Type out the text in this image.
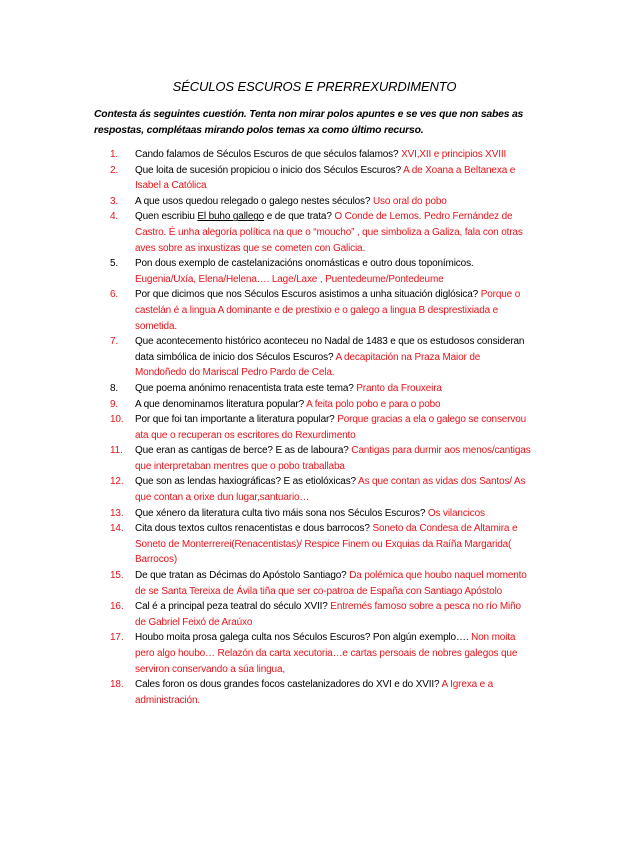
SÉCULOS ESCUROS E PRERREXURDIMENTO
Contesta ás seguintes cuestión. Tenta non mirar polos apuntes e se ves que non sabes as respostas, complétaas mirando polos temas xa como último recurso.
1.	Cando falamos de Séculos Escuros de que séculos falamos? XVI,XII e principios XVIII
2.	Que loita de sucesión propiciou o inicio dos Séculos Escuros? A de Xoana a Beltanexa e Isabel a Católica
3.	A que usos quedou relegado o galego nestes séculos? Uso oral do pobo
4.	Quen escribiu El buho gallego e de que trata? O Conde de Lemos. Pedro Fernández de Castro. É unha alegoría política na que o “moucho” , que simboliza a Galiza, fala con otras aves sobre as inxustizas que se cometen con Galicia.
5.	Pon dous exemplo de castelanizacións onomásticas e outro dous toponímicos. Eugenia/Uxía, Elena/Helena…. Lage/Laxe , Puentedeume/Pontedeume
6.	Por que dicimos que nos Séculos Escuros asistimos a unha situación diglósica? Porque o castelán é a lingua A dominante e de prestixio e o galego a lingua B desprestixiada e sometida.
7.	Que acontecemento histórico aconteceu no Nadal de 1483 e que os estudosos consideran data simbólica de inicio dos Séculos Escuros? A decapitación na Praza Maior de Mondoñedo do Mariscal Pedro Pardo de Cela.
8.	Que poema anónimo renacentista trata este tema? Pranto da Frouxeira
9.	A que denominamos literatura popular? A feita polo pobo e para o pobo
10.	Por que foi tan importante a literatura popular? Porque gracias a ela o galego se conservou ata que o recuperan os escritores do Rexurdimento
11.	Que eran as cantigas de berce? E as de laboura? Cantigas para durmir aos menos/cantigas que interpretaban mentres que o pobo traballaba
12.	Que son as lendas haxiográficas? E as etiolóxicas? As que contan as vidas dos Santos/ As que contan a orixe dun lugar,santuario…
13.	Que xénero da literatura culta tivo máis sona nos Séculos Escuros? Os vilancicos
14.	Cita dous textos cultos renacentistas e dous barrocos? Soneto da Condesa de Altamira e Soneto de Monterrerei(Renacentistas)/ Respice Finem ou Exquias da Raíña Margarida( Barrocos)
15.	De que tratan as Décimas do Apóstolo Santiago? Da polémica que houbo naquel momento de se Santa Tereixa de Ávila tiña que ser co-patroa de España con Santiago Apóstolo
16.	Cal é a principal peza teatral do século XVII? Entremés famoso sobre a pesca no río Miño de Gabriel Feixó de Araúxo
17.	Houbo moita prosa galega culta nos Séculos Escuros? Pon algún exemplo…. Non moita pero algo houbo… Relazón da carta xecutoria…e cartas persoais de nobres galegos que serviron conservando a súa lingua,
18.	Cales foron os dous grandes focos castelanizadores do XVI e do XVII? A Igrexa e a administración.
